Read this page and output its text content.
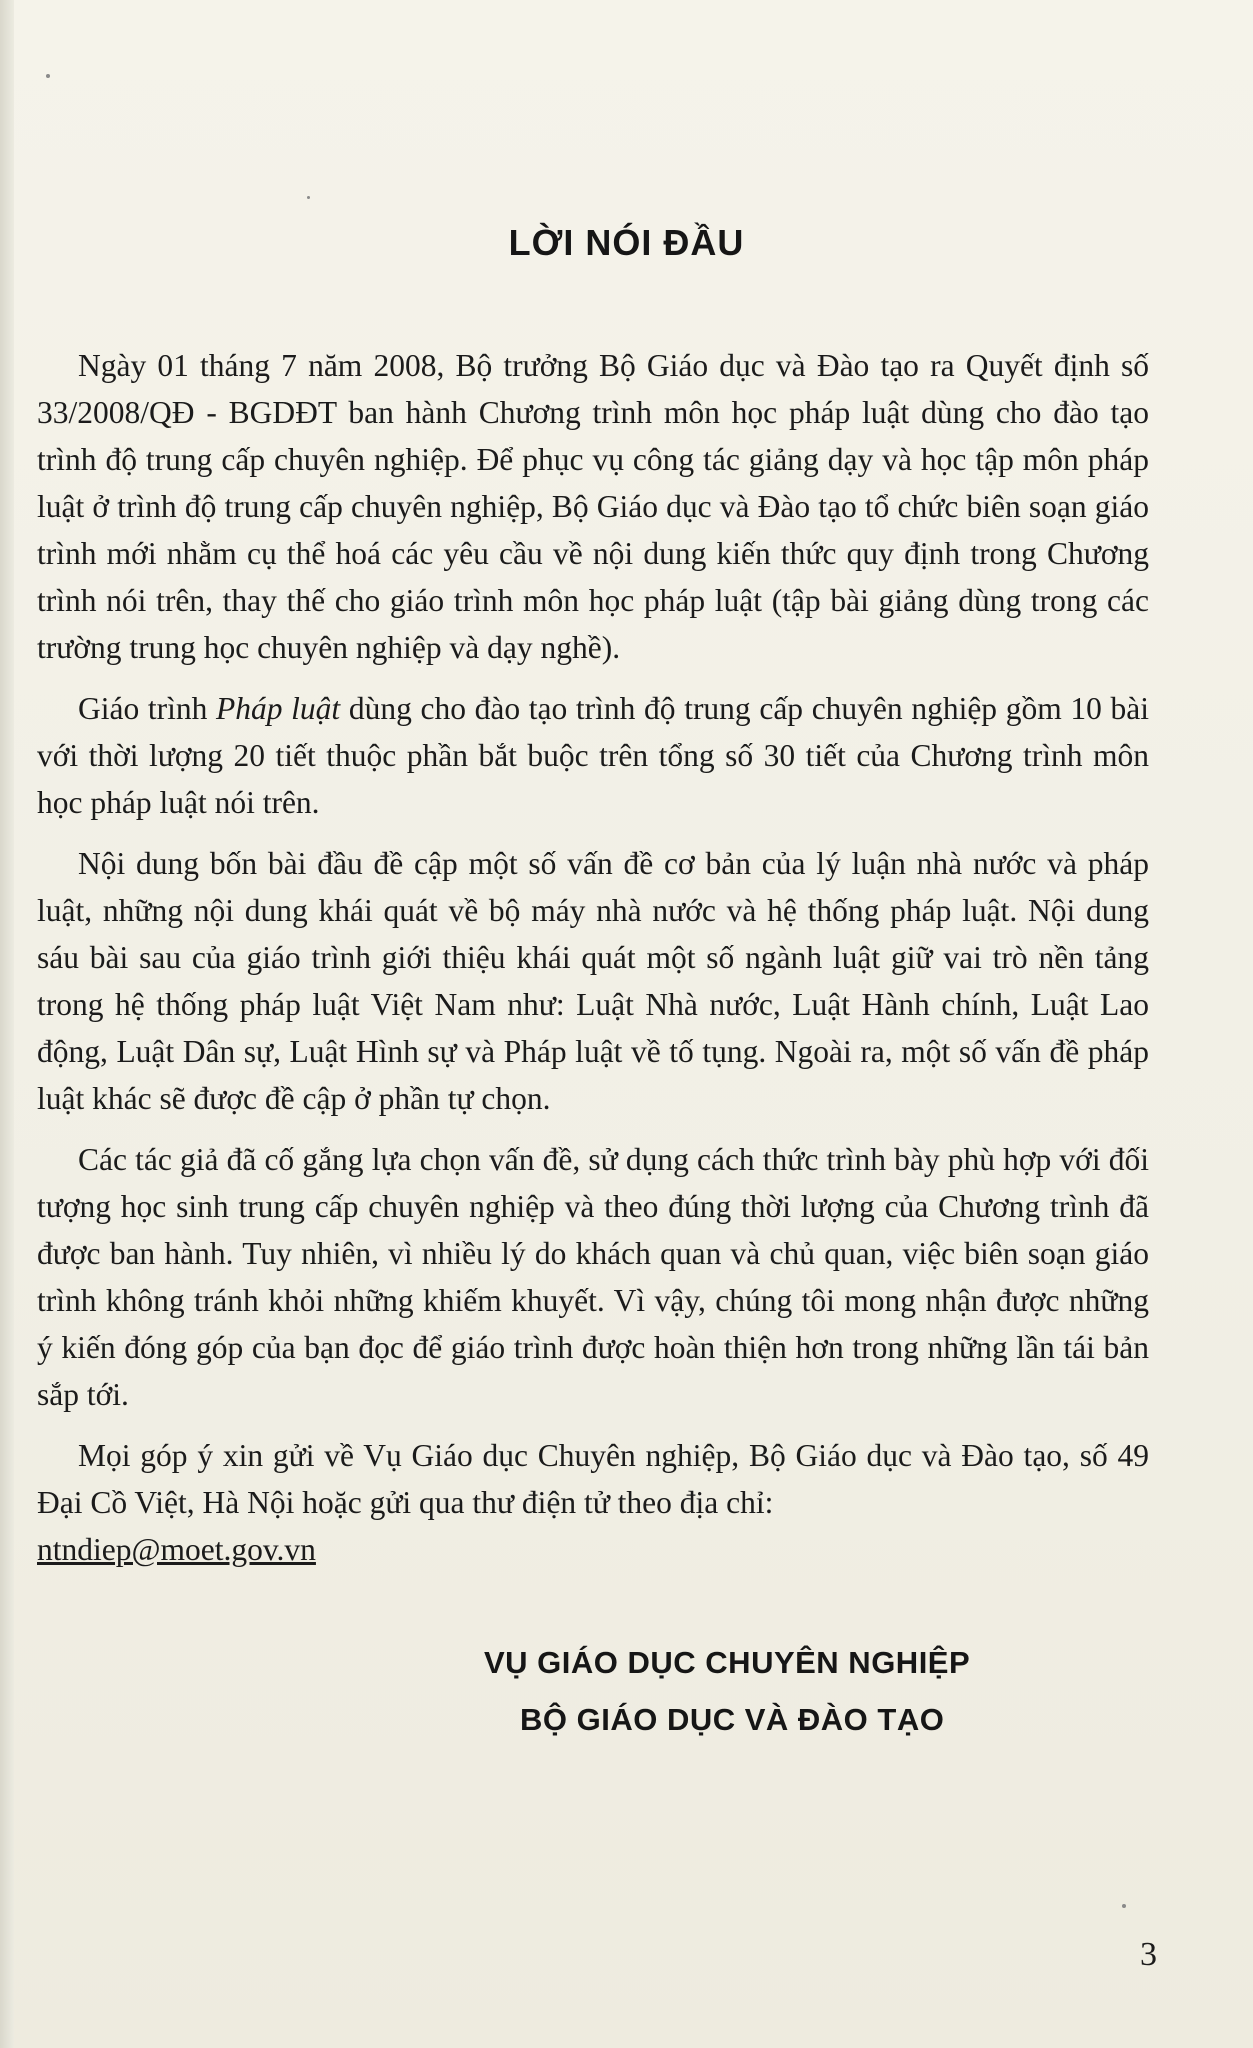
LỜI NÓI ĐẦU

Ngày 01 tháng 7 năm 2008, Bộ trưởng Bộ Giáo dục và Đào tạo ra Quyết định số 33/2008/QĐ - BGDĐT ban hành Chương trình môn học pháp luật dùng cho đào tạo trình độ trung cấp chuyên nghiệp. Để phục vụ công tác giảng dạy và học tập môn pháp luật ở trình độ trung cấp chuyên nghiệp, Bộ Giáo dục và Đào tạo tổ chức biên soạn giáo trình mới nhằm cụ thể hoá các yêu cầu về nội dung kiến thức quy định trong Chương trình nói trên, thay thế cho giáo trình môn học pháp luật (tập bài giảng dùng trong các trường trung học chuyên nghiệp và dạy nghề).

Giáo trình Pháp luật dùng cho đào tạo trình độ trung cấp chuyên nghiệp gồm 10 bài với thời lượng 20 tiết thuộc phần bắt buộc trên tổng số 30 tiết của Chương trình môn học pháp luật nói trên.

Nội dung bốn bài đầu đề cập một số vấn đề cơ bản của lý luận nhà nước và pháp luật, những nội dung khái quát về bộ máy nhà nước và hệ thống pháp luật. Nội dung sáu bài sau của giáo trình giới thiệu khái quát một số ngành luật giữ vai trò nền tảng trong hệ thống pháp luật Việt Nam như: Luật Nhà nước, Luật Hành chính, Luật Lao động, Luật Dân sự, Luật Hình sự và Pháp luật về tố tụng. Ngoài ra, một số vấn đề pháp luật khác sẽ được đề cập ở phần tự chọn.

Các tác giả đã cố gắng lựa chọn vấn đề, sử dụng cách thức trình bày phù hợp với đối tượng học sinh trung cấp chuyên nghiệp và theo đúng thời lượng của Chương trình đã được ban hành. Tuy nhiên, vì nhiều lý do khách quan và chủ quan, việc biên soạn giáo trình không tránh khỏi những khiếm khuyết. Vì vậy, chúng tôi mong nhận được những ý kiến đóng góp của bạn đọc để giáo trình được hoàn thiện hơn trong những lần tái bản sắp tới.

Mọi góp ý xin gửi về Vụ Giáo dục Chuyên nghiệp, Bộ Giáo dục và Đào tạo, số 49 Đại Cồ Việt, Hà Nội hoặc gửi qua thư điện tử theo địa chỉ:
ntndiep@moet.gov.vn

VỤ GIÁO DỤC CHUYÊN NGHIỆP
BỘ GIÁO DỤC VÀ ĐÀO TẠO
3
